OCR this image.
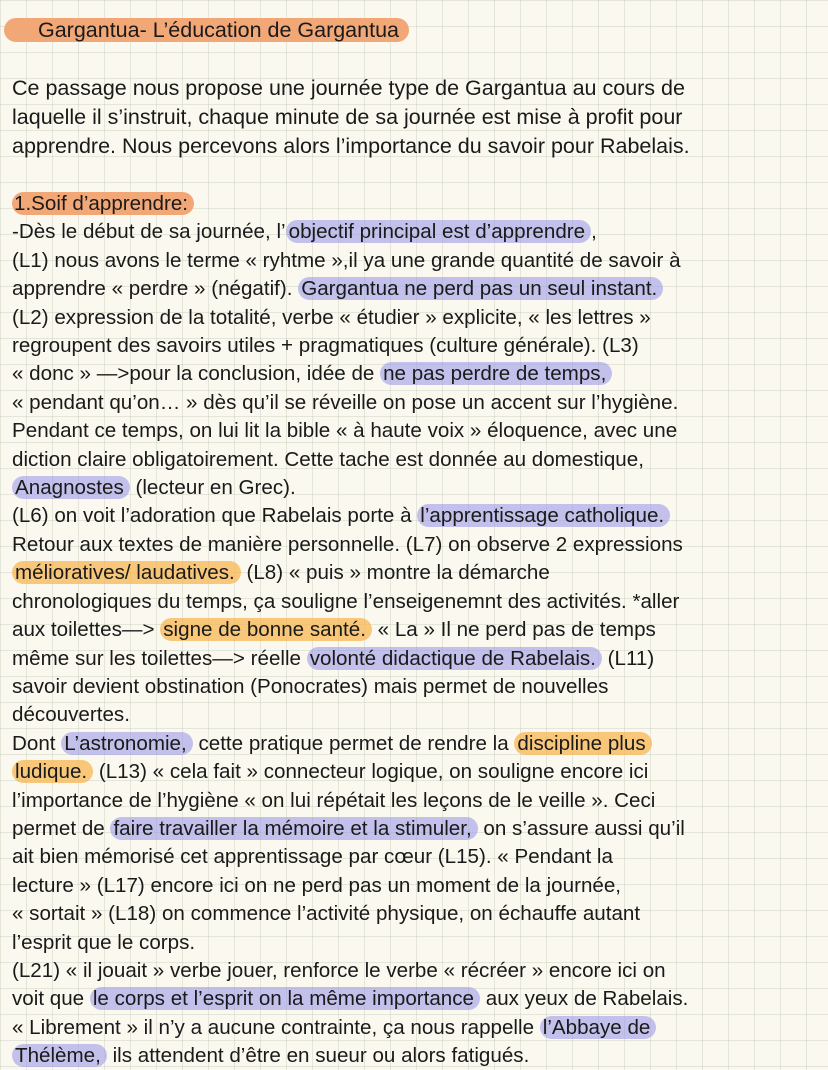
Gargantua- L’éducation de Gargantua
Ce passage nous propose une journée type de Gargantua au cours de
laquelle il s’instruit, chaque minute de sa journée est mise à profit pour
apprendre. Nous percevons alors l’importance du savoir pour Rabelais.
1.Soif d’apprendre:
-Dès le début de sa journée, l’ objectif principal est d’apprendre ,
(L1) nous avons le terme « ryhtme »,il ya une grande quantité de savoir à
apprendre « perdre » (négatif). Gargantua ne perd pas un seul instant.
(L2) expression de la totalité, verbe « étudier » explicite, « les lettres »
regroupent des savoirs utiles + pragmatiques (culture générale). (L3)
« donc » —>pour la conclusion, idée de ne pas perdre de temps,
« pendant qu’on… » dès qu’il se réveille on pose un accent sur l’hygiène.
Pendant ce temps, on lui lit la bible « à haute voix » éloquence, avec une
diction claire obligatoirement. Cette tache est donnée au domestique,
Anagnostes (lecteur en Grec).
(L6) on voit l’adoration que Rabelais porte à l’apprentissage catholique.
Retour aux textes de manière personnelle. (L7) on observe 2 expressions
mélioratives/ laudatives. (L8) « puis » montre la démarche
chronologiques du temps, ça souligne l’enseigenemnt des activités. *aller
aux toilettes—> signe de bonne santé. « La » Il ne perd pas de temps
même sur les toilettes—> réelle volonté didactique de Rabelais. (L11)
savoir devient obstination (Ponocrates) mais permet de nouvelles
découvertes.
Dont L’astronomie, cette pratique permet de rendre la discipline plus
ludique. (L13) « cela fait » connecteur logique, on souligne encore ici
l’importance de l’hygiène « on lui répétait les leçons de le veille ». Ceci
permet de faire travailler la mémoire et la stimuler, on s’assure aussi qu’il
ait bien mémorisé cet apprentissage par cœur (L15). « Pendant la
lecture » (L17) encore ici on ne perd pas un moment de la journée,
« sortait » (L18) on commence l’activité physique, on échauffe autant
l’esprit que le corps.
(L21) « il jouait » verbe jouer, renforce le verbe « récréer » encore ici on
voit que le corps et l’esprit on la même importance aux yeux de Rabelais.
« Librement » il n’y a aucune contrainte, ça nous rappelle l’Abbaye de
Thélème, ils attendent d’être en sueur ou alors fatigués.
